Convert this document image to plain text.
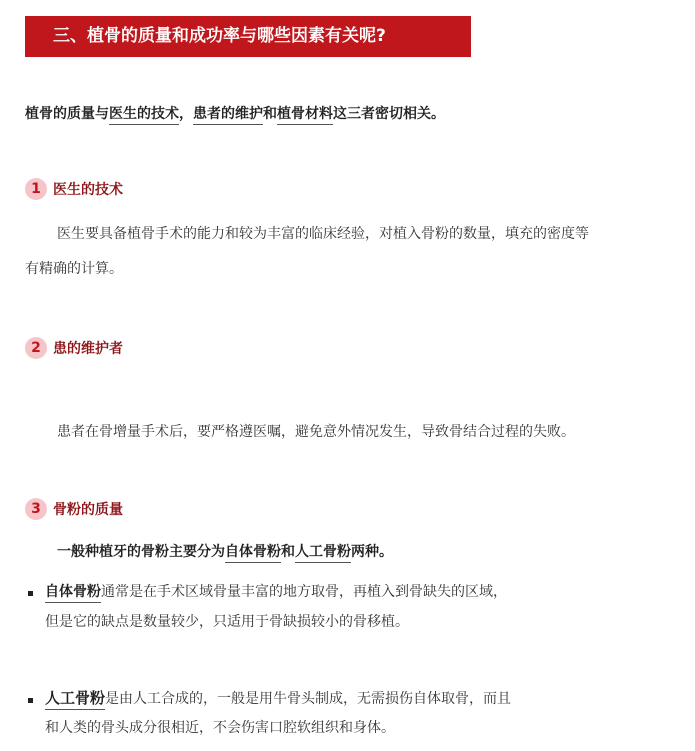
三、植骨的质量和成功率与哪些因素有关呢?
植骨的质量与医生的技术，患者的维护和植骨材料这三者密切相关。
1 医生的技术
医生要具备植骨手术的能力和较为丰富的临床经验，对植入骨粉的数量，填充的密度等
有精确的计算。
2 患的维护者
患者在骨增量手术后，要严格遵医嘱，避免意外情况发生，导致骨结合过程的失败。
3 骨粉的质量
一般种植牙的骨粉主要分为自体骨粉和人工骨粉两种。
自体骨粉通常是在手术区域骨量丰富的地方取骨，再植入到骨缺失的区域，
但是它的缺点是数量较少，只适用于骨缺损较小的骨移植。
人工骨粉是由人工合成的，一般是用牛骨头制成，无需损伤自体取骨，而且
和人类的骨头成分很相近，不会伤害口腔软组织和身体。
